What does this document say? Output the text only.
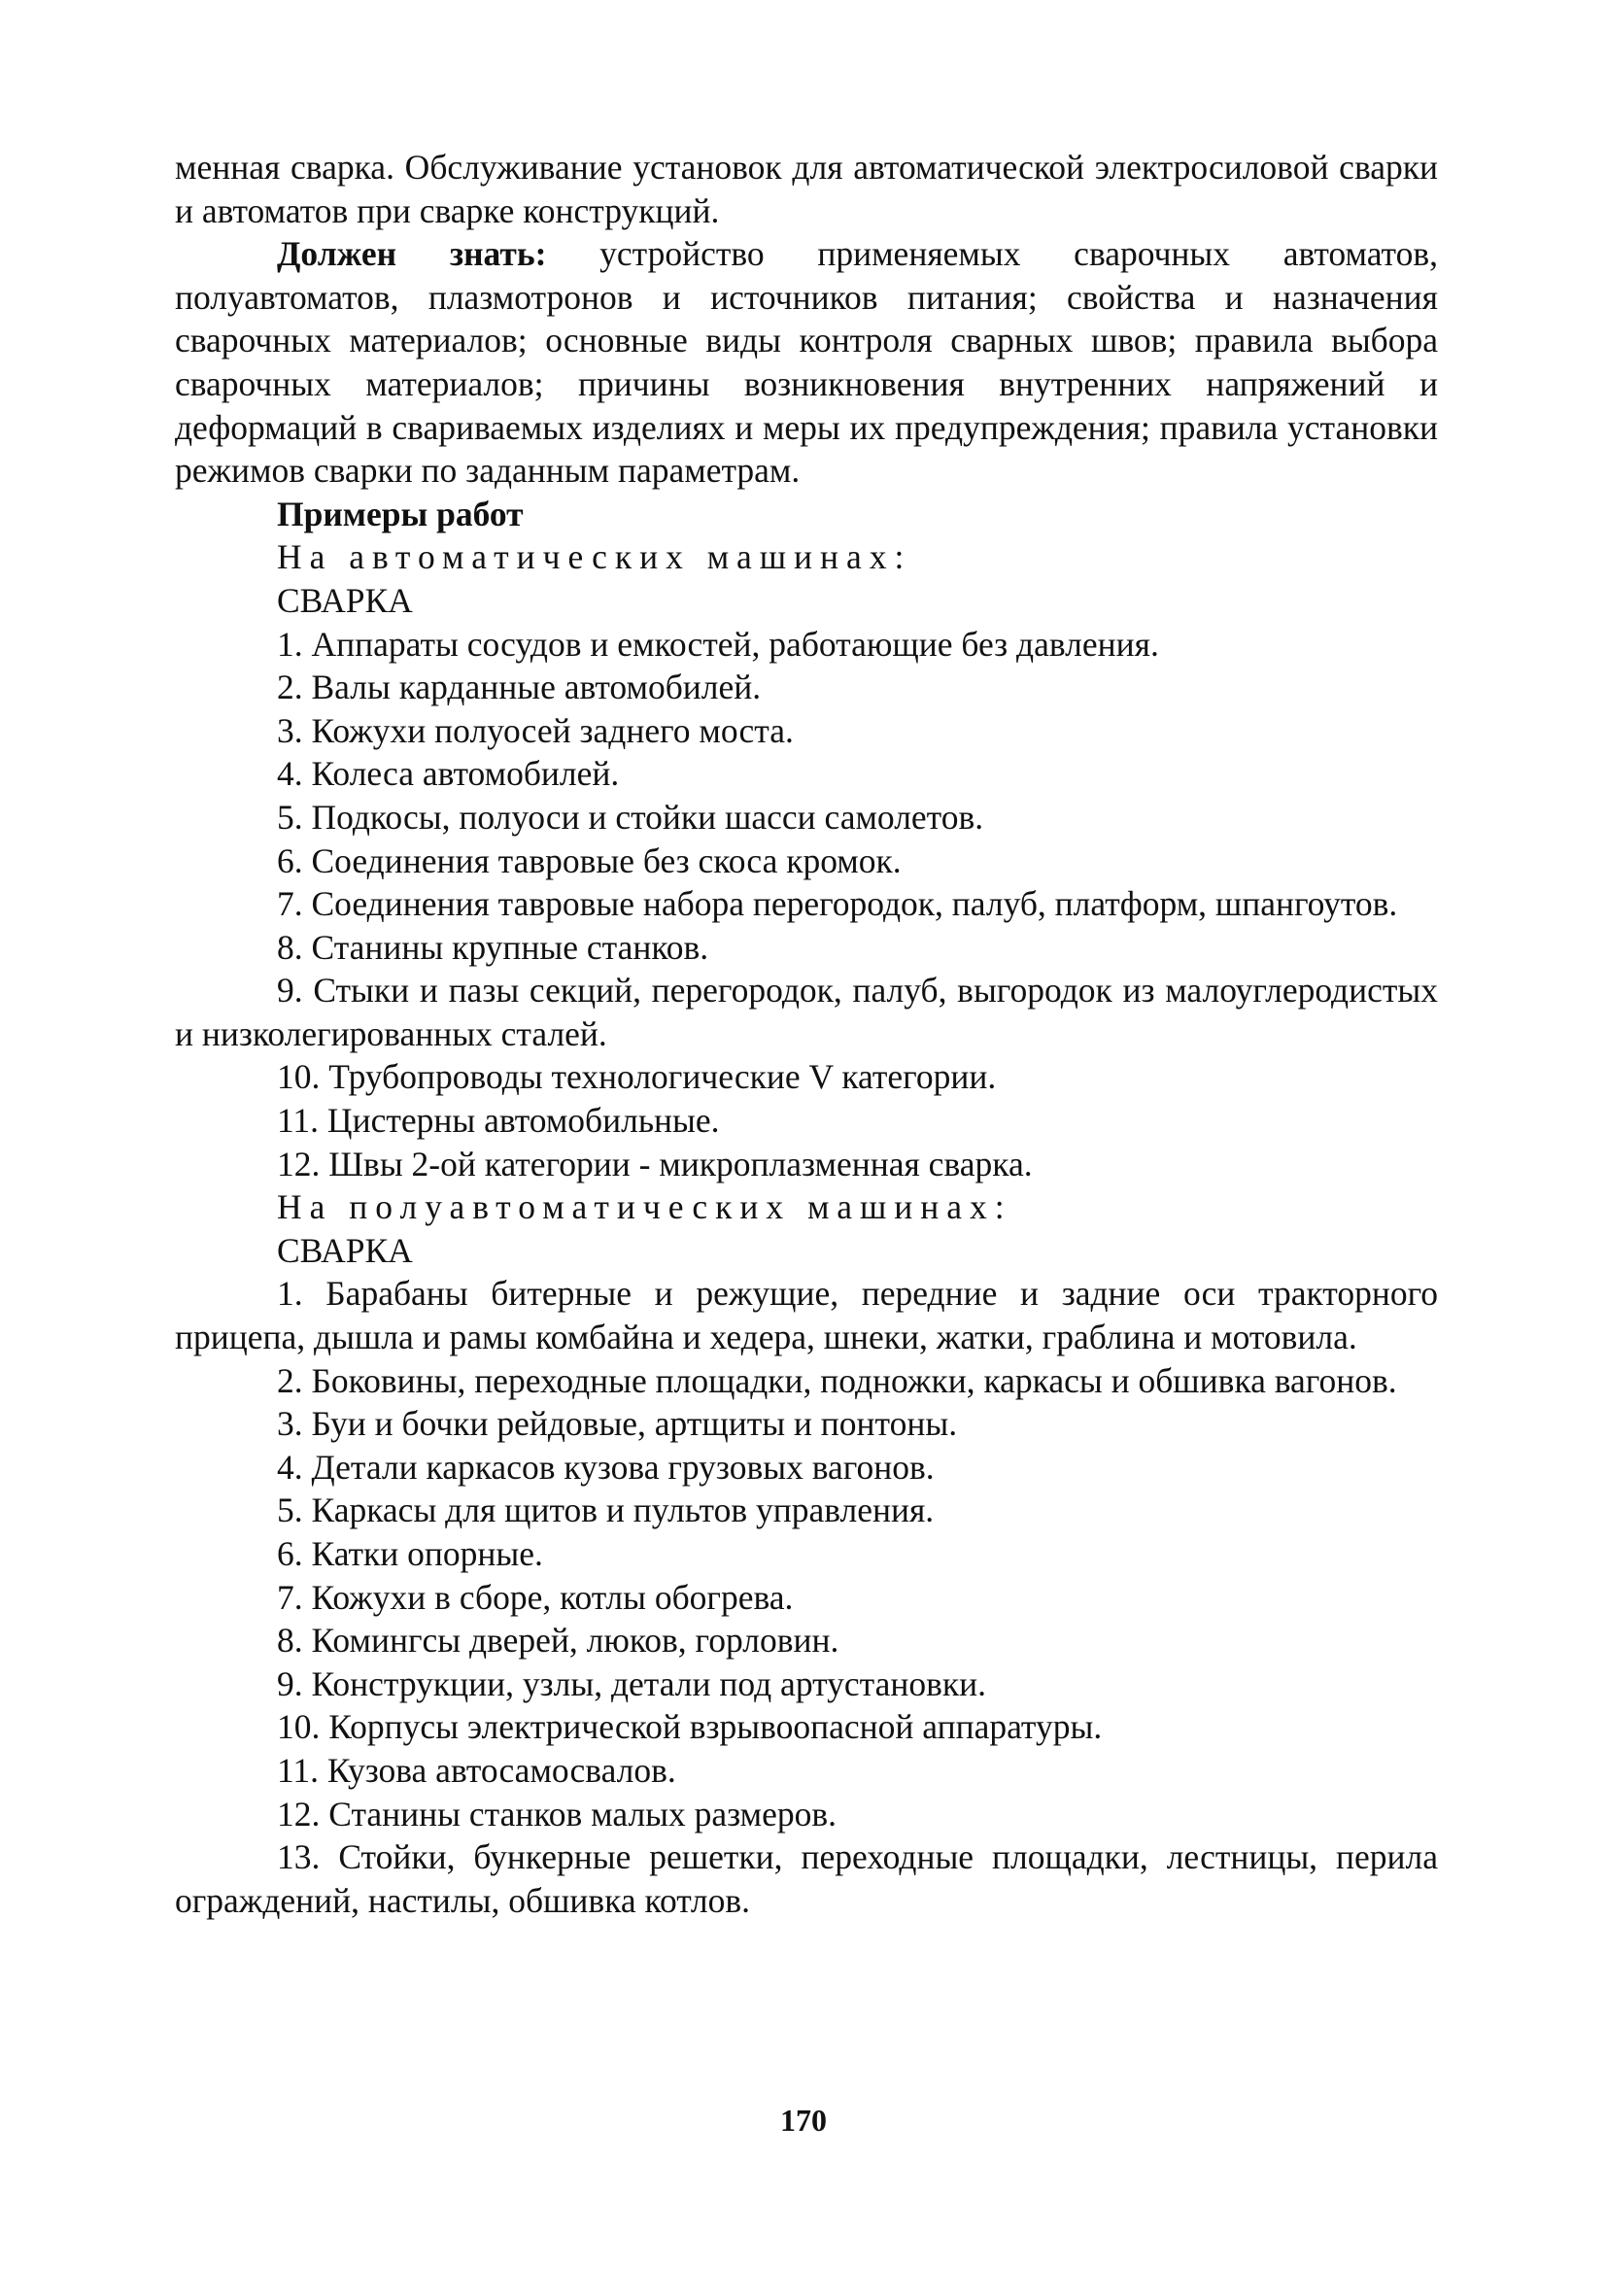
менная сварка. Обслуживание установок для автоматической электросиловой сварки и автоматов при сварке конструкций.

Должен знать: устройство применяемых сварочных автоматов, полуавтоматов, плазмотронов и источников питания; свойства и назначения сварочных материалов; основные виды контроля сварных швов; правила выбора сварочных материалов; причины возникновения внутренних напряжений и деформаций в свариваемых изделиях и меры их предупреждения; правила установки режимов сварки по заданным параметрам.

Примеры работ

На автоматических машинах:

СВАРКА

1. Аппараты сосудов и емкостей, работающие без давления.

2. Валы карданные автомобилей.

3. Кожухи полуосей заднего моста.

4. Колеса автомобилей.

5. Подкосы, полуоси и стойки шасси самолетов.

6. Соединения тавровые без скоса кромок.

7. Соединения тавровые набора перегородок, палуб, платформ, шпангоутов.

8. Станины крупные станков.

9. Стыки и пазы секций, перегородок, палуб, выгородок из малоуглеродистых и низколегированных сталей.

10. Трубопроводы технологические V категории.

11. Цистерны автомобильные.

12. Швы 2-ой категории - микроплазменная сварка.

На полуавтоматических машинах:

СВАРКА

1. Барабаны битерные и режущие, передние и задние оси тракторного прицепа, дышла и рамы комбайна и хедера, шнеки, жатки, граблина и мотовила.

2. Боковины, переходные площадки, подножки, каркасы и обшивка вагонов.

3. Буи и бочки рейдовые, артщиты и понтоны.

4. Детали каркасов кузова грузовых вагонов.

5. Каркасы для щитов и пультов управления.

6. Катки опорные.

7. Кожухи в сборе, котлы обогрева.

8. Комингсы дверей, люков, горловин.

9. Конструкции, узлы, детали под артустановки.

10. Корпусы электрической взрывоопасной аппаратуры.

11. Кузова автосамосвалов.

12. Станины станков малых размеров.

13. Стойки, бункерные решетки, переходные площадки, лестницы, перила ограждений, настилы, обшивка котлов.

170
